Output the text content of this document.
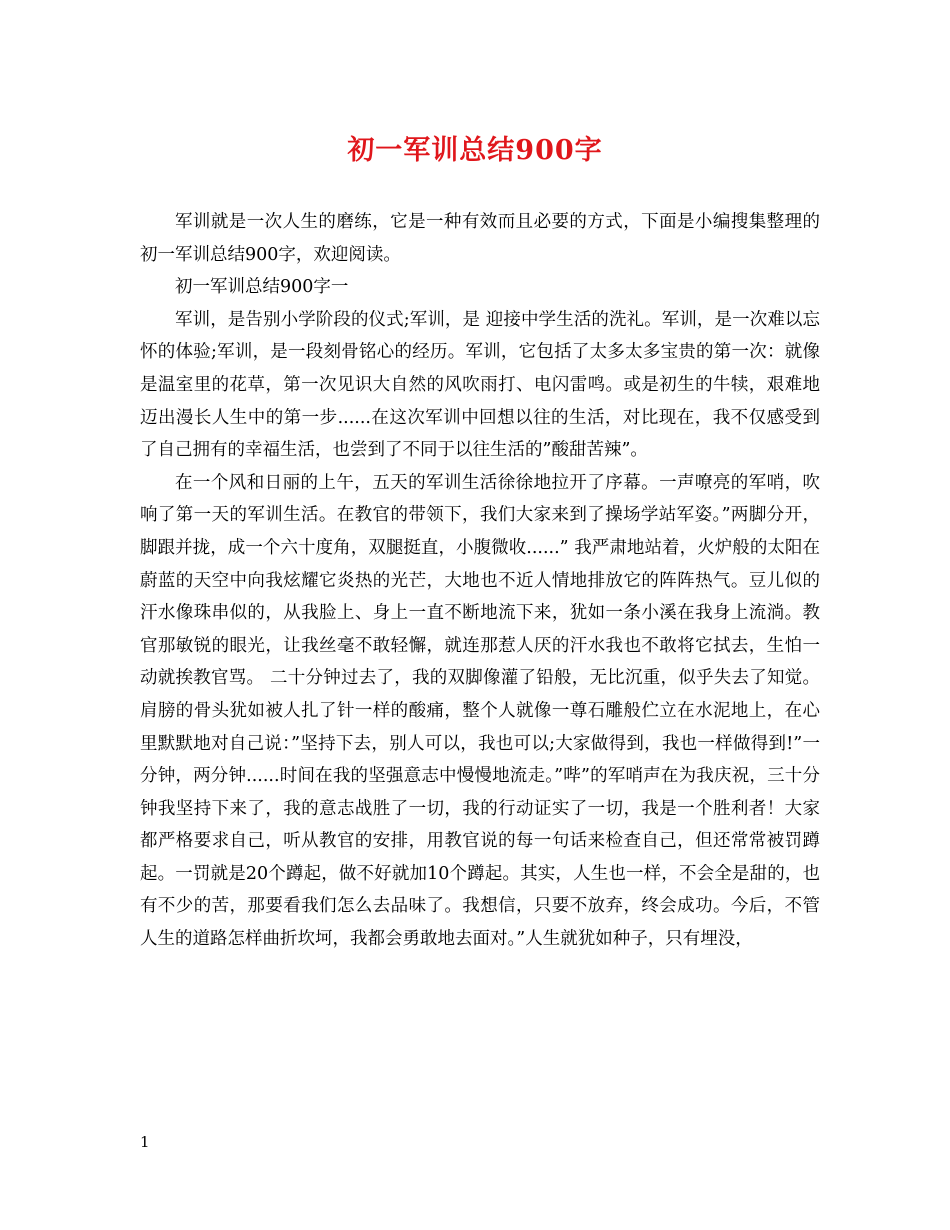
初一军训总结900字

军训就是一次人生的磨练，它是一种有效而且必要的方式，下面是小编搜集整理的初一军训总结900字，欢迎阅读。

初一军训总结900字一

军训，是告别小学阶段的仪式;军训，是 迎接中学生活的洗礼。军训，是一次难以忘怀的体验;军训，是一段刻骨铭心的经历。军训，它包括了太多太多宝贵的第一次：就像是温室里的花草，第一次见识大自然的风吹雨打、电闪雷鸣。或是初生的牛犊，艰难地迈出漫长人生中的第一步......在这次军训中回想以往的生活，对比现在，我不仅感受到了自己拥有的幸福生活，也尝到了不同于以往生活的”酸甜苦辣”。

在一个风和日丽的上午，五天的军训生活徐徐地拉开了序幕。一声嘹亮的军哨，吹响了第一天的军训生活。在教官的带领下，我们大家来到了操场学站军姿。”两脚分开，脚跟并拢，成一个六十度角，双腿挺直，小腹微收......” 我严肃地站着，火炉般的太阳在蔚蓝的天空中向我炫耀它炎热的光芒，大地也不近人情地排放它的阵阵热气。豆儿似的汗水像珠串似的，从我脸上、身上一直不断地流下来，犹如一条小溪在我身上流淌。教官那敏锐的眼光，让我丝毫不敢轻懈，就连那惹人厌的汗水我也不敢将它拭去，生怕一动就挨教官骂。 二十分钟过去了，我的双脚像灌了铅般，无比沉重，似乎失去了知觉。肩膀的骨头犹如被人扎了针一样的酸痛，整个人就像一尊石雕般伫立在水泥地上，在心里默默地对自己说：”坚持下去，别人可以，我也可以;大家做得到，我也一样做得到!”一分钟，两分钟......时间在我的坚强意志中慢慢地流走。”哔”的军哨声在为我庆祝，三十分钟我坚持下来了，我的意志战胜了一切，我的行动证实了一切，我是一个胜利者！大家都严格要求自己，听从教官的安排，用教官说的每一句话来检查自己，但还常常被罚蹲起。一罚就是20个蹲起，做不好就加10个蹲起。其实，人生也一样，不会全是甜的，也有不少的苦，那要看我们怎么去品味了。我想信，只要不放弃，终会成功。今后，不管人生的道路怎样曲折坎坷，我都会勇敢地去面对。”人生就犹如种子，只有埋没，

1
